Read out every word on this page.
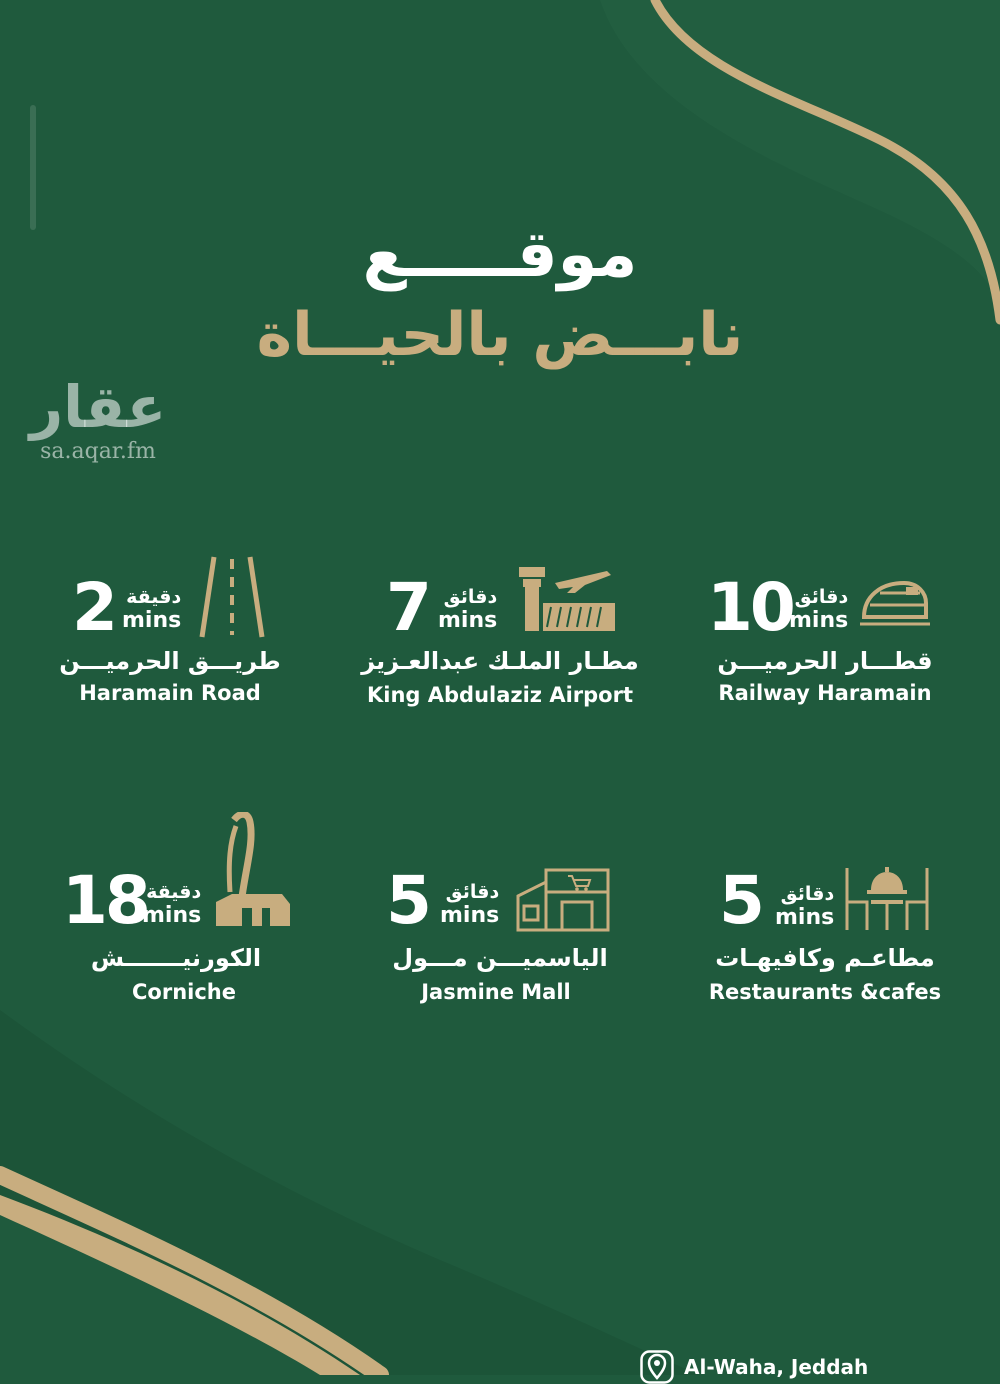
موقـــــع
نابـــض بالحيـــاة
عقار
sa.aqar.fm
2 دقيقة
mins
طريـــق الحرميـــن
Haramain Road
7 دقائق
mins
مطـار الملـك عبدالعـزيز
King Abdulaziz Airport
10 دقائق
mins
قطـــار الحرميـــن
Railway Haramain
18
دقيقة
mins
الكورنيـــــــش
Corniche
5 دقائق
mins
الياسميـــن مـــول
Jasmine Mall
5 دقائق
mins
مطاعـم وكافيهـات
Restaurants &cafes
Al-Waha, Jeddah
